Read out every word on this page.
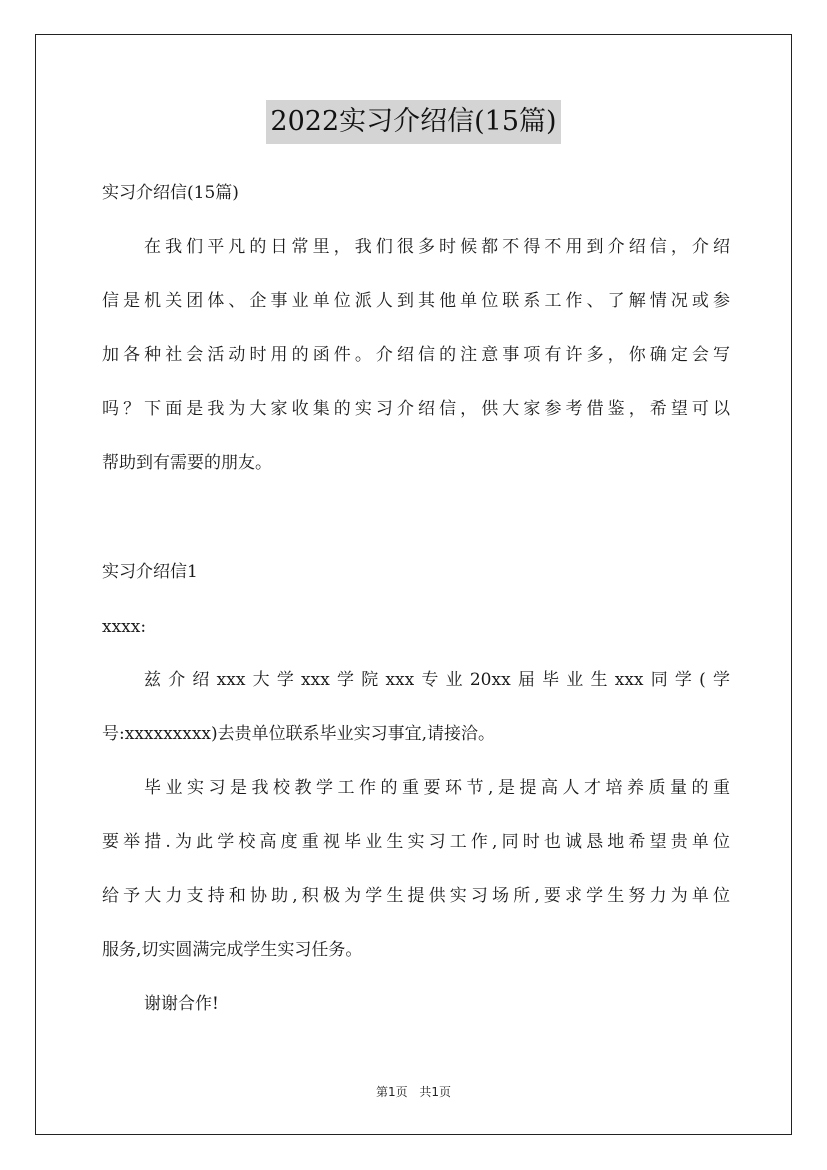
2022实习介绍信(15篇)
实习介绍信(15篇)
在我们平凡的日常里，我们很多时候都不得不用到介绍信，介绍
信是机关团体、企事业单位派人到其他单位联系工作、了解情况或参
加各种社会活动时用的函件。介绍信的注意事项有许多，你确定会写
吗？下面是我为大家收集的实习介绍信，供大家参考借鉴，希望可以
帮助到有需要的朋友。
实习介绍信1
xxxx:
兹介绍xxx大学xxx学院xxx专业20xx届毕业生xxx同学(学
号:xxxxxxxxx)去贵单位联系毕业实习事宜,请接洽。
毕业实习是我校教学工作的重要环节,是提高人才培养质量的重
要举措.为此学校高度重视毕业生实习工作,同时也诚恳地希望贵单位
给予大力支持和协助,积极为学生提供实习场所,要求学生努力为单位
服务,切实圆满完成学生实习任务。
谢谢合作!
第1页 共1页
